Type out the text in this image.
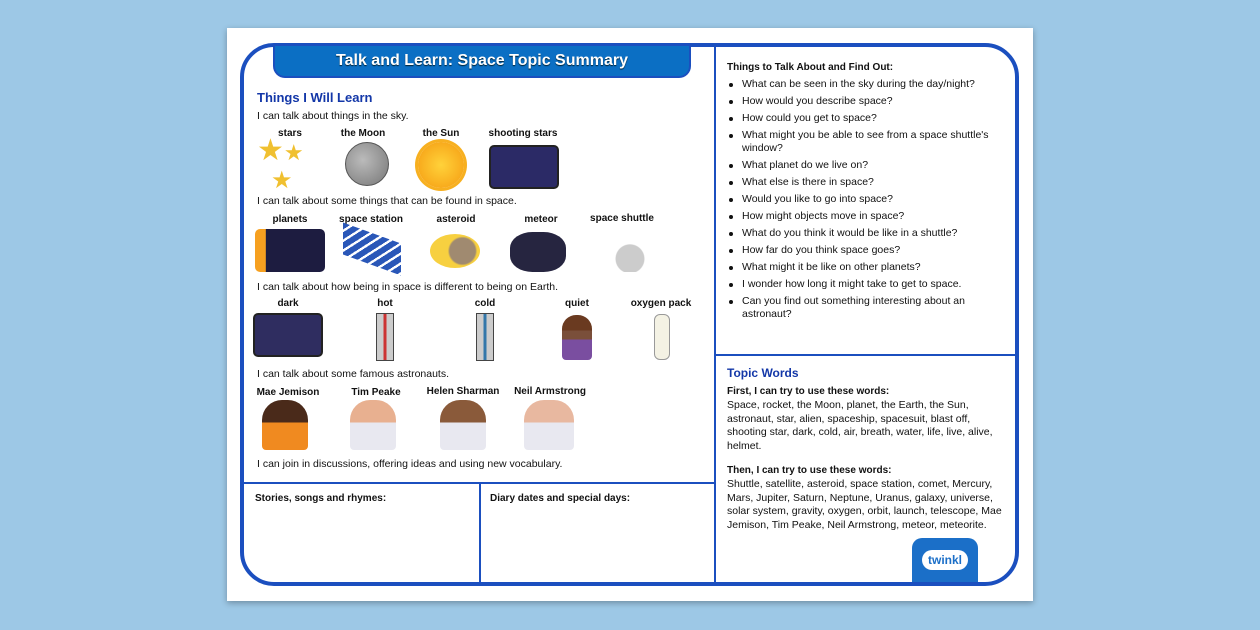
Talk and Learn: Space Topic Summary
Things I Will Learn
I can talk about things in the sky.
stars	the Moon	the Sun	shooting stars
★★
★
I can talk about some things that can be found in space.
planets	space station	asteroid	meteor	space shuttle
I can talk about how being in space is different to being on Earth.
dark	hot	cold	quiet	oxygen pack
I can talk about some famous astronauts.
Mae Jemison	Tim Peake	Helen Sharman	Neil Armstrong
I can join in discussions, offering ideas and using new vocabulary.
Stories, songs and rhymes:	Diary dates and special days:
Things to Talk About and Find Out:
What can be seen in the sky during the day/night?
How would you describe space?
How could you get to space?
What might you be able to see from a space shuttle's window?
What planet do we live on?
What else is there in space?
Would you like to go into space?
How might objects move in space?
What do you think it would be like in a shuttle?
How far do you think space goes?
What might it be like on other planets?
I wonder how long it might take to get to space.
Can you find out something interesting about an astronaut?
Topic Words
First, I can try to use these words:
Space, rocket, the Moon, planet, the Earth, the Sun, astronaut, star, alien, spaceship, spacesuit, blast off, shooting star, dark, cold, air, breath, water, life, live, alive, helmet.
Then, I can try to use these words:
Shuttle, satellite, asteroid, space station, comet, Mercury, Mars, Jupiter, Saturn, Neptune, Uranus, galaxy, universe, solar system, gravity, oxygen, orbit, launch, telescope, Mae Jemison, Tim Peake, Neil Armstrong, meteor, meteorite.
twinkl
